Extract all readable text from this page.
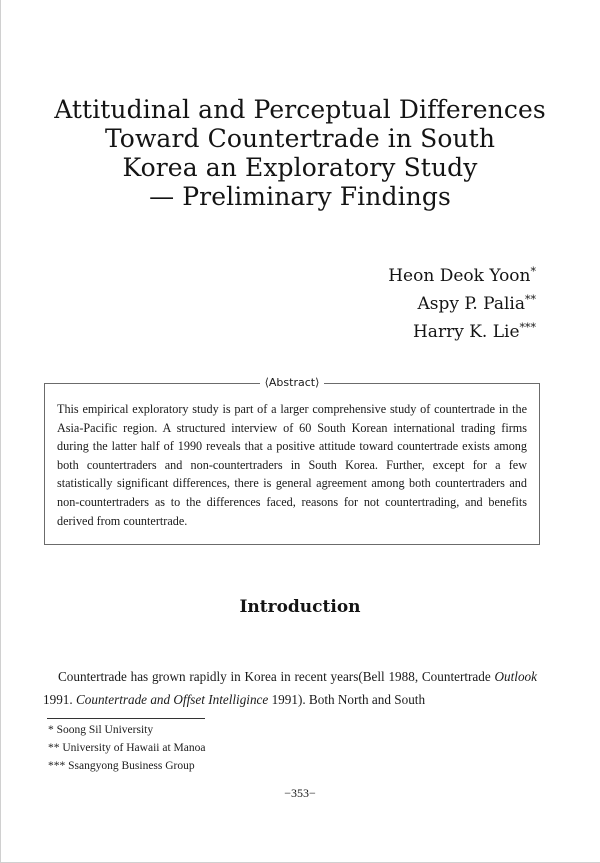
Attitudinal and Perceptual Differences
Toward Countertrade in South
Korea an Exploratory Study
— Preliminary Findings
Heon Deok Yoon*
Aspy P. Palia**
Harry K. Lie***
⟨Abstract⟩
This empirical exploratory study is part of a larger comprehensive study of countertrade in the Asia-Pacific region. A structured interview of 60 South Korean international trading firms during the latter half of 1990 reveals that a positive attitude toward countertrade exists among both countertraders and non-countertraders in South Korea. Further, except for a few statistically significant differences, there is general agreement among both countertraders and non-countertraders as to the differences faced, reasons for not countertrading, and benefits derived from countertrade.
Introduction
Countertrade has grown rapidly in Korea in recent years(Bell 1988, Countertrade Outlook 1991. Countertrade and Offset Intelligince 1991). Both North and South
* Soong Sil University
** University of Hawaii at Manoa
*** Ssangyong Business Group
−353−
